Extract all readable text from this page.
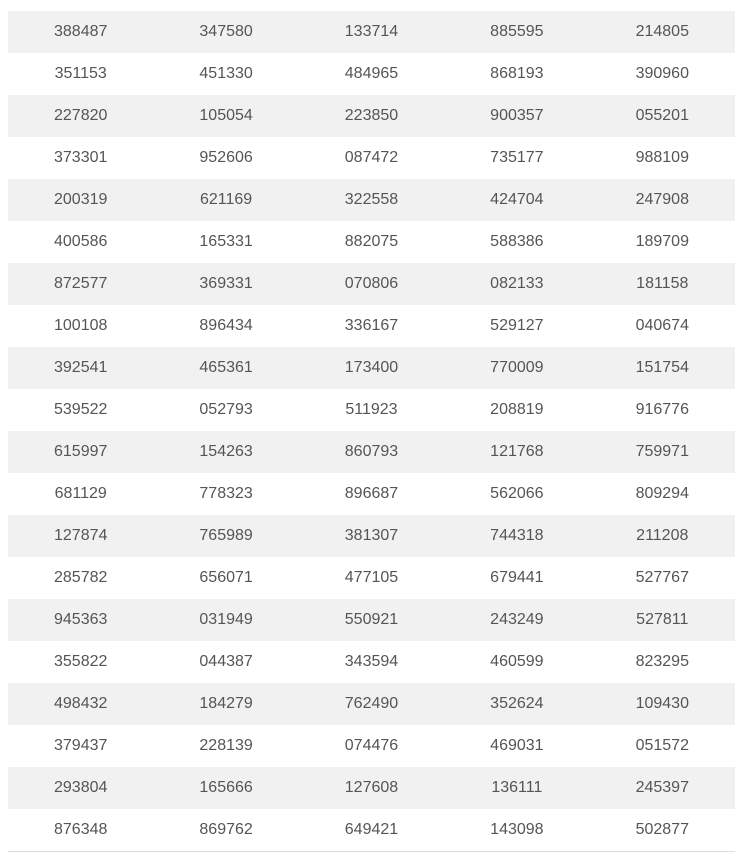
388487	347580	133714	885595	214805
351153	451330	484965	868193	390960
227820	105054	223850	900357	055201
373301	952606	087472	735177	988109
200319	621169	322558	424704	247908
400586	165331	882075	588386	189709
872577	369331	070806	082133	181158
100108	896434	336167	529127	040674
392541	465361	173400	770009	151754
539522	052793	511923	208819	916776
615997	154263	860793	121768	759971
681129	778323	896687	562066	809294
127874	765989	381307	744318	211208
285782	656071	477105	679441	527767
945363	031949	550921	243249	527811
355822	044387	343594	460599	823295
498432	184279	762490	352624	109430
379437	228139	074476	469031	051572
293804	165666	127608	136111	245397
876348	869762	649421	143098	502877
